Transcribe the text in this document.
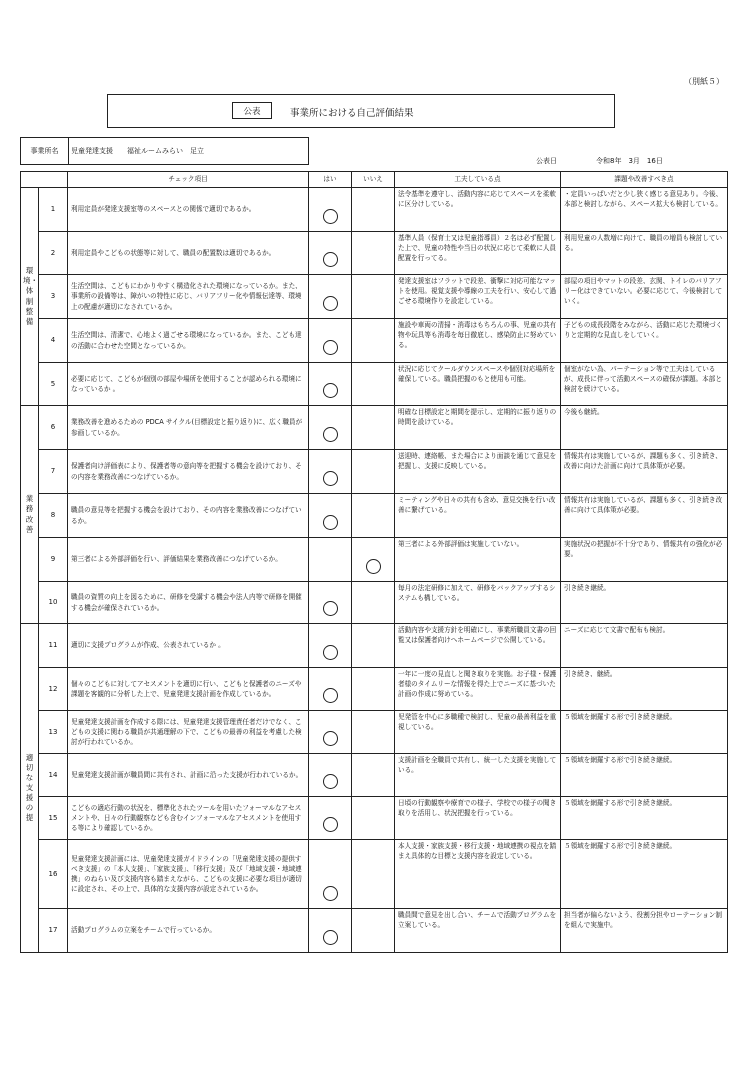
（別紙５）
公表	事業所における自己評価結果
事業所名	児童発達支援　　福祉ルームみらい　足立
公表日	令和8年　3月　16日
		チェック項目	はい	いいえ	工夫している点	課題や改善すべき点
環境・体制整備	1	利用定員が発達支援室等のスペースとの関係で適切であるか。			法令基準を遵守し、活動内容に応じてスペースを柔軟に区分けしている。	・定員いっぱいだと少し狭く感じる意見あり。今後、本部と検討しながら、スペース拡大も検討している。
	2	利用定員やこどもの状態等に対して、職員の配置数は適切であるか。			基準人員（保育士又は児童指導員）２名は必ず配置した上で、児童の特性や当日の状況に応じて柔軟に人員配置を行ってる。	利用児童の人数増に向けて、職員の増員も検討している。
	3	生活空間は、こどもにわかりやすく構造化された環境になっているか。また、事業所の設備等は、障がいの特性に応じ、バリアフリー化や情報伝達等、環境上の配慮が適切になされているか。			発達支援室はフラットで段差、衝撃に対応可能なマットを使用。視覚支援や導線の工夫を行い、安心して過ごせる環境作りを設定している。	部屋の項目やマットの段差、玄関、トイレのバリアフリー化はできていない。必要に応じて、今後検討していく。
	4	生活空間は、清潔で、心地よく過ごせる環境になっているか。また、こども達の活動に合わせた空間となっているか。			施設や車両の清掃・消毒はもちろんの事、児童の共有物や玩具等も消毒を毎日徹底し、感染防止に努めている。	子どもの成長段階をみながら、活動に応じた環境づくりと定期的な見直しをしていく。
	5	必要に応じて、こどもが個別の部屋や場所を使用することが認められる環境になっているか 。			状況に応じてクールダウンスペースや個別対応場所を確保している。職員把握のもと使用も可能。	個室がない為、パーテーション等で工夫はしているが、成長に伴って活動スペースの確保が課題。本部と検討を続けている。
業務改善	6	業務改善を進めるための PDCA サイクル(目標設定と振り返り)に、広く職員が参画しているか。			明確な目標設定と期間を提示し、定期的に振り返りの時間を設けている。	今後も継続。
	7	保護者向け評価表により、保護者等の意向等を把握する機会を設けており、その内容を業務改善につなげているか。			送迎時、連絡帳、また場合により面談を通じて意見を把握し、支援に反映している。	情報共有は実施しているが、課題も多く、引き続き、改善に向けた計画に向けて具体策が必要。
	8	職員の意見等を把握する機会を設けており、その内容を業務改善につなげているか。			ミーティングや日々の共有も含め、意見交換を行い改善に繋げている。	情報共有は実施しているが、課題も多く、引き続き改善に向けて具体策が必要。
	9	第三者による外部評価を行い、評価結果を業務改善につなげているか。			第三者による外部評価は実施していない。	実施状況の把握が不十分であり、情報共有の強化が必要。
	10	職員の資質の向上を図るために、研修を受講する機会や法人内等で研修を開催する機会が確保されているか。			毎月の法定研修に加えて、研修をバックアップするシステムも構している。	引き続き継続。
適切な支援の提	11	適切に支援プログラムが作成、公表されているか 。			活動内容や支援方針を明確にし、事業所職員文書の回覧又は保護者向けへホームページで公開している。	ニーズに応じて文書で配布も検討。
	12	個々のこどもに対してアセスメントを適切に行い、こどもと保護者のニーズや課題を客観的に分析した上で、児童発達支援計画を作成しているか。			一年に一度の見直しと聞き取りを実施。お子様・保護者様のタイムリーな情報を得た上でニーズに基づいた計画の作成に努めている。	引き続き、継続。
	13	児童発達支援計画を作成する際には、児童発達支援管理責任者だけでなく、こどもの支援に関わる職員が共通理解の下で、こどもの最善の利益を考慮した検討が行われているか。			児発管を中心に多職種で検討し、児童の最善利益を重視している。	５領域を網羅する形で引き続き継続。
	14	児童発達支援計画が職員間に共有され、計画に沿った支援が行われているか。			支援計画を全職員で共有し、統一した支援を実施している。	５領域を網羅する形で引き続き継続。
	15	こどもの適応行動の状況を、標準化されたツールを用いたフォーマルなアセスメントや、日々の行動観察なども含むインフォーマルなアセスメントを使用する等により確認しているか。			日頃の行動観察や療育での様子、学校での様子の聞き取りを活用し、状況把握を行っている。	５領域を網羅する形で引き続き継続。
	16	児童発達支援計画には、児童発達支援ガイドラインの「児童発達支援の提供すべき支援」の「本人支援」、「家族支援」、「移行支援」及び「地域支援・地域連携」のねらい及び支援内容も踏まえながら、こどもの支援に必要な項目が適切に設定され、その上で、具体的な支援内容が設定されているか。			本人支援・家族支援・移行支援・地域連携の視点を踏まえ具体的な目標と支援内容を設定している。	５領域を網羅する形で引き続き継続。
	17	活動プログラムの立案をチームで行っているか。			職員間で意見を出し合い、チームで活動プログラムを立案している。	担当者が偏らないよう、役割分担やローテーション制を組んで実施中。
